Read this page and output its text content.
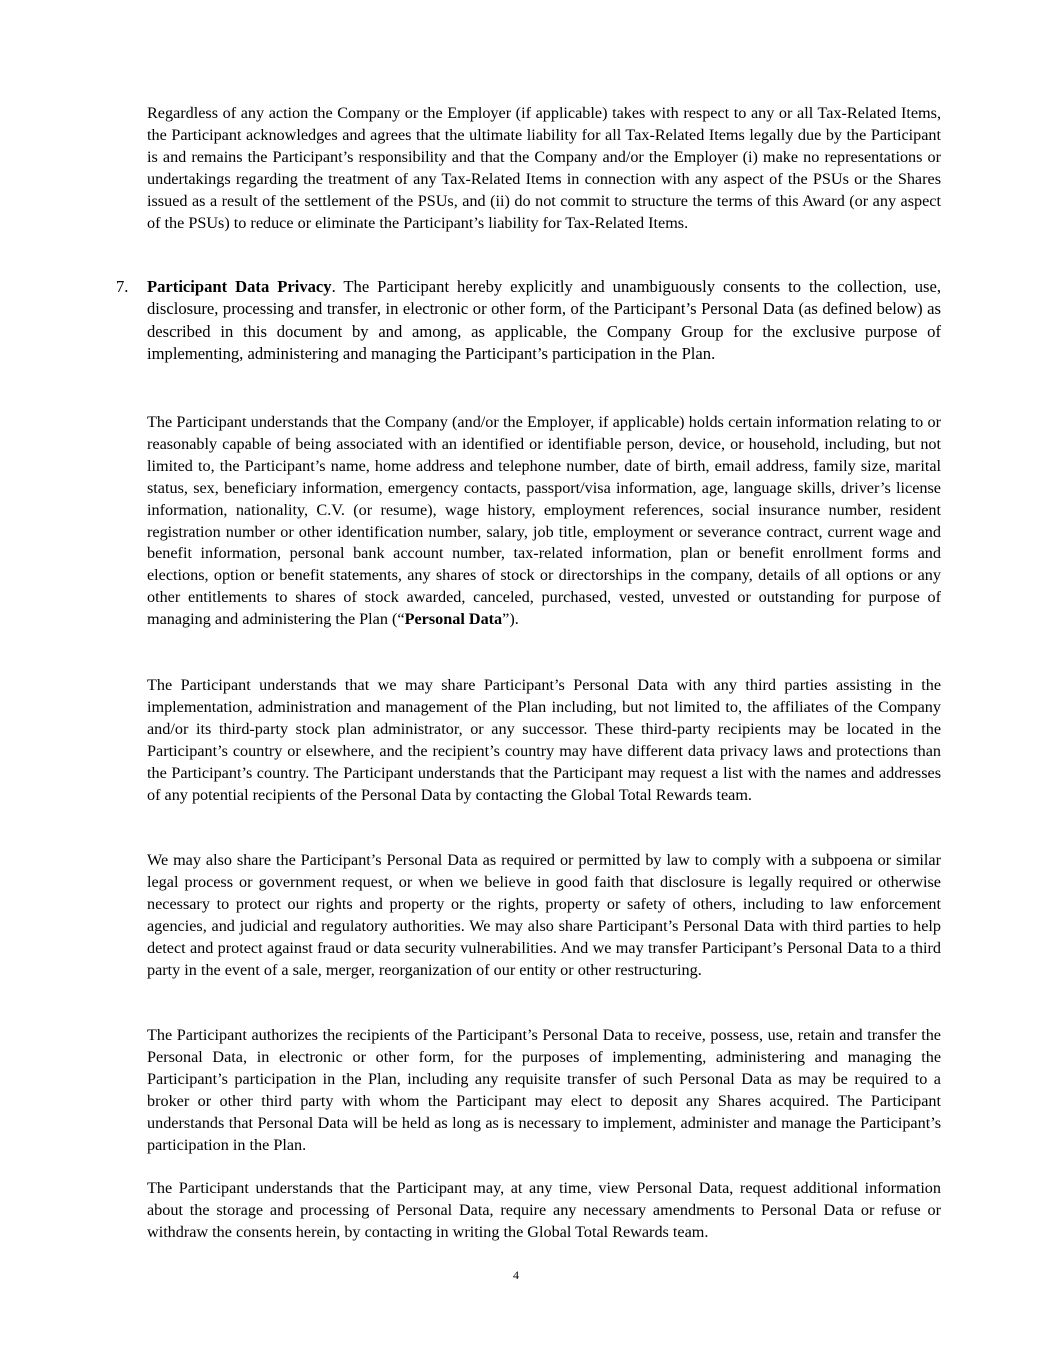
Regardless of any action the Company or the Employer (if applicable) takes with respect to any or all Tax-Related Items, the Participant acknowledges and agrees that the ultimate liability for all Tax-Related Items legally due by the Participant is and remains the Participant’s responsibility and that the Company and/or the Employer (i) make no representations or undertakings regarding the treatment of any Tax-Related Items in connection with any aspect of the PSUs or the Shares issued as a result of the settlement of the PSUs, and (ii) do not commit to structure the terms of this Award (or any aspect of the PSUs) to reduce or eliminate the Participant’s liability for Tax-Related Items.

7. Participant Data Privacy. The Participant hereby explicitly and unambiguously consents to the collection, use, disclosure, processing and transfer, in electronic or other form, of the Participant’s Personal Data (as defined below) as described in this document by and among, as applicable, the Company Group for the exclusive purpose of implementing, administering and managing the Participant’s participation in the Plan.

The Participant understands that the Company (and/or the Employer, if applicable) holds certain information relating to or reasonably capable of being associated with an identified or identifiable person, device, or household, including, but not limited to, the Participant’s name, home address and telephone number, date of birth, email address, family size, marital status, sex, beneficiary information, emergency contacts, passport/visa information, age, language skills, driver’s license information, nationality, C.V. (or resume), wage history, employment references, social insurance number, resident registration number or other identification number, salary, job title, employment or severance contract, current wage and benefit information, personal bank account number, tax-related information, plan or benefit enrollment forms and elections, option or benefit statements, any shares of stock or directorships in the company, details of all options or any other entitlements to shares of stock awarded, canceled, purchased, vested, unvested or outstanding for purpose of managing and administering the Plan (“Personal Data”).

The Participant understands that we may share Participant’s Personal Data with any third parties assisting in the implementation, administration and management of the Plan including, but not limited to, the affiliates of the Company and/or its third-party stock plan administrator, or any successor. These third-party recipients may be located in the Participant’s country or elsewhere, and the recipient’s country may have different data privacy laws and protections than the Participant’s country. The Participant understands that the Participant may request a list with the names and addresses of any potential recipients of the Personal Data by contacting the Global Total Rewards team.

We may also share the Participant’s Personal Data as required or permitted by law to comply with a subpoena or similar legal process or government request, or when we believe in good faith that disclosure is legally required or otherwise necessary to protect our rights and property or the rights, property or safety of others, including to law enforcement agencies, and judicial and regulatory authorities. We may also share Participant’s Personal Data with third parties to help detect and protect against fraud or data security vulnerabilities. And we may transfer Participant’s Personal Data to a third party in the event of a sale, merger, reorganization of our entity or other restructuring.

The Participant authorizes the recipients of the Participant’s Personal Data to receive, possess, use, retain and transfer the Personal Data, in electronic or other form, for the purposes of implementing, administering and managing the Participant’s participation in the Plan, including any requisite transfer of such Personal Data as may be required to a broker or other third party with whom the Participant may elect to deposit any Shares acquired. The Participant understands that Personal Data will be held as long as is necessary to implement, administer and manage the Participant’s participation in the Plan.

The Participant understands that the Participant may, at any time, view Personal Data, request additional information about the storage and processing of Personal Data, require any necessary amendments to Personal Data or refuse or withdraw the consents herein, by contacting in writing the Global Total Rewards team.

4
